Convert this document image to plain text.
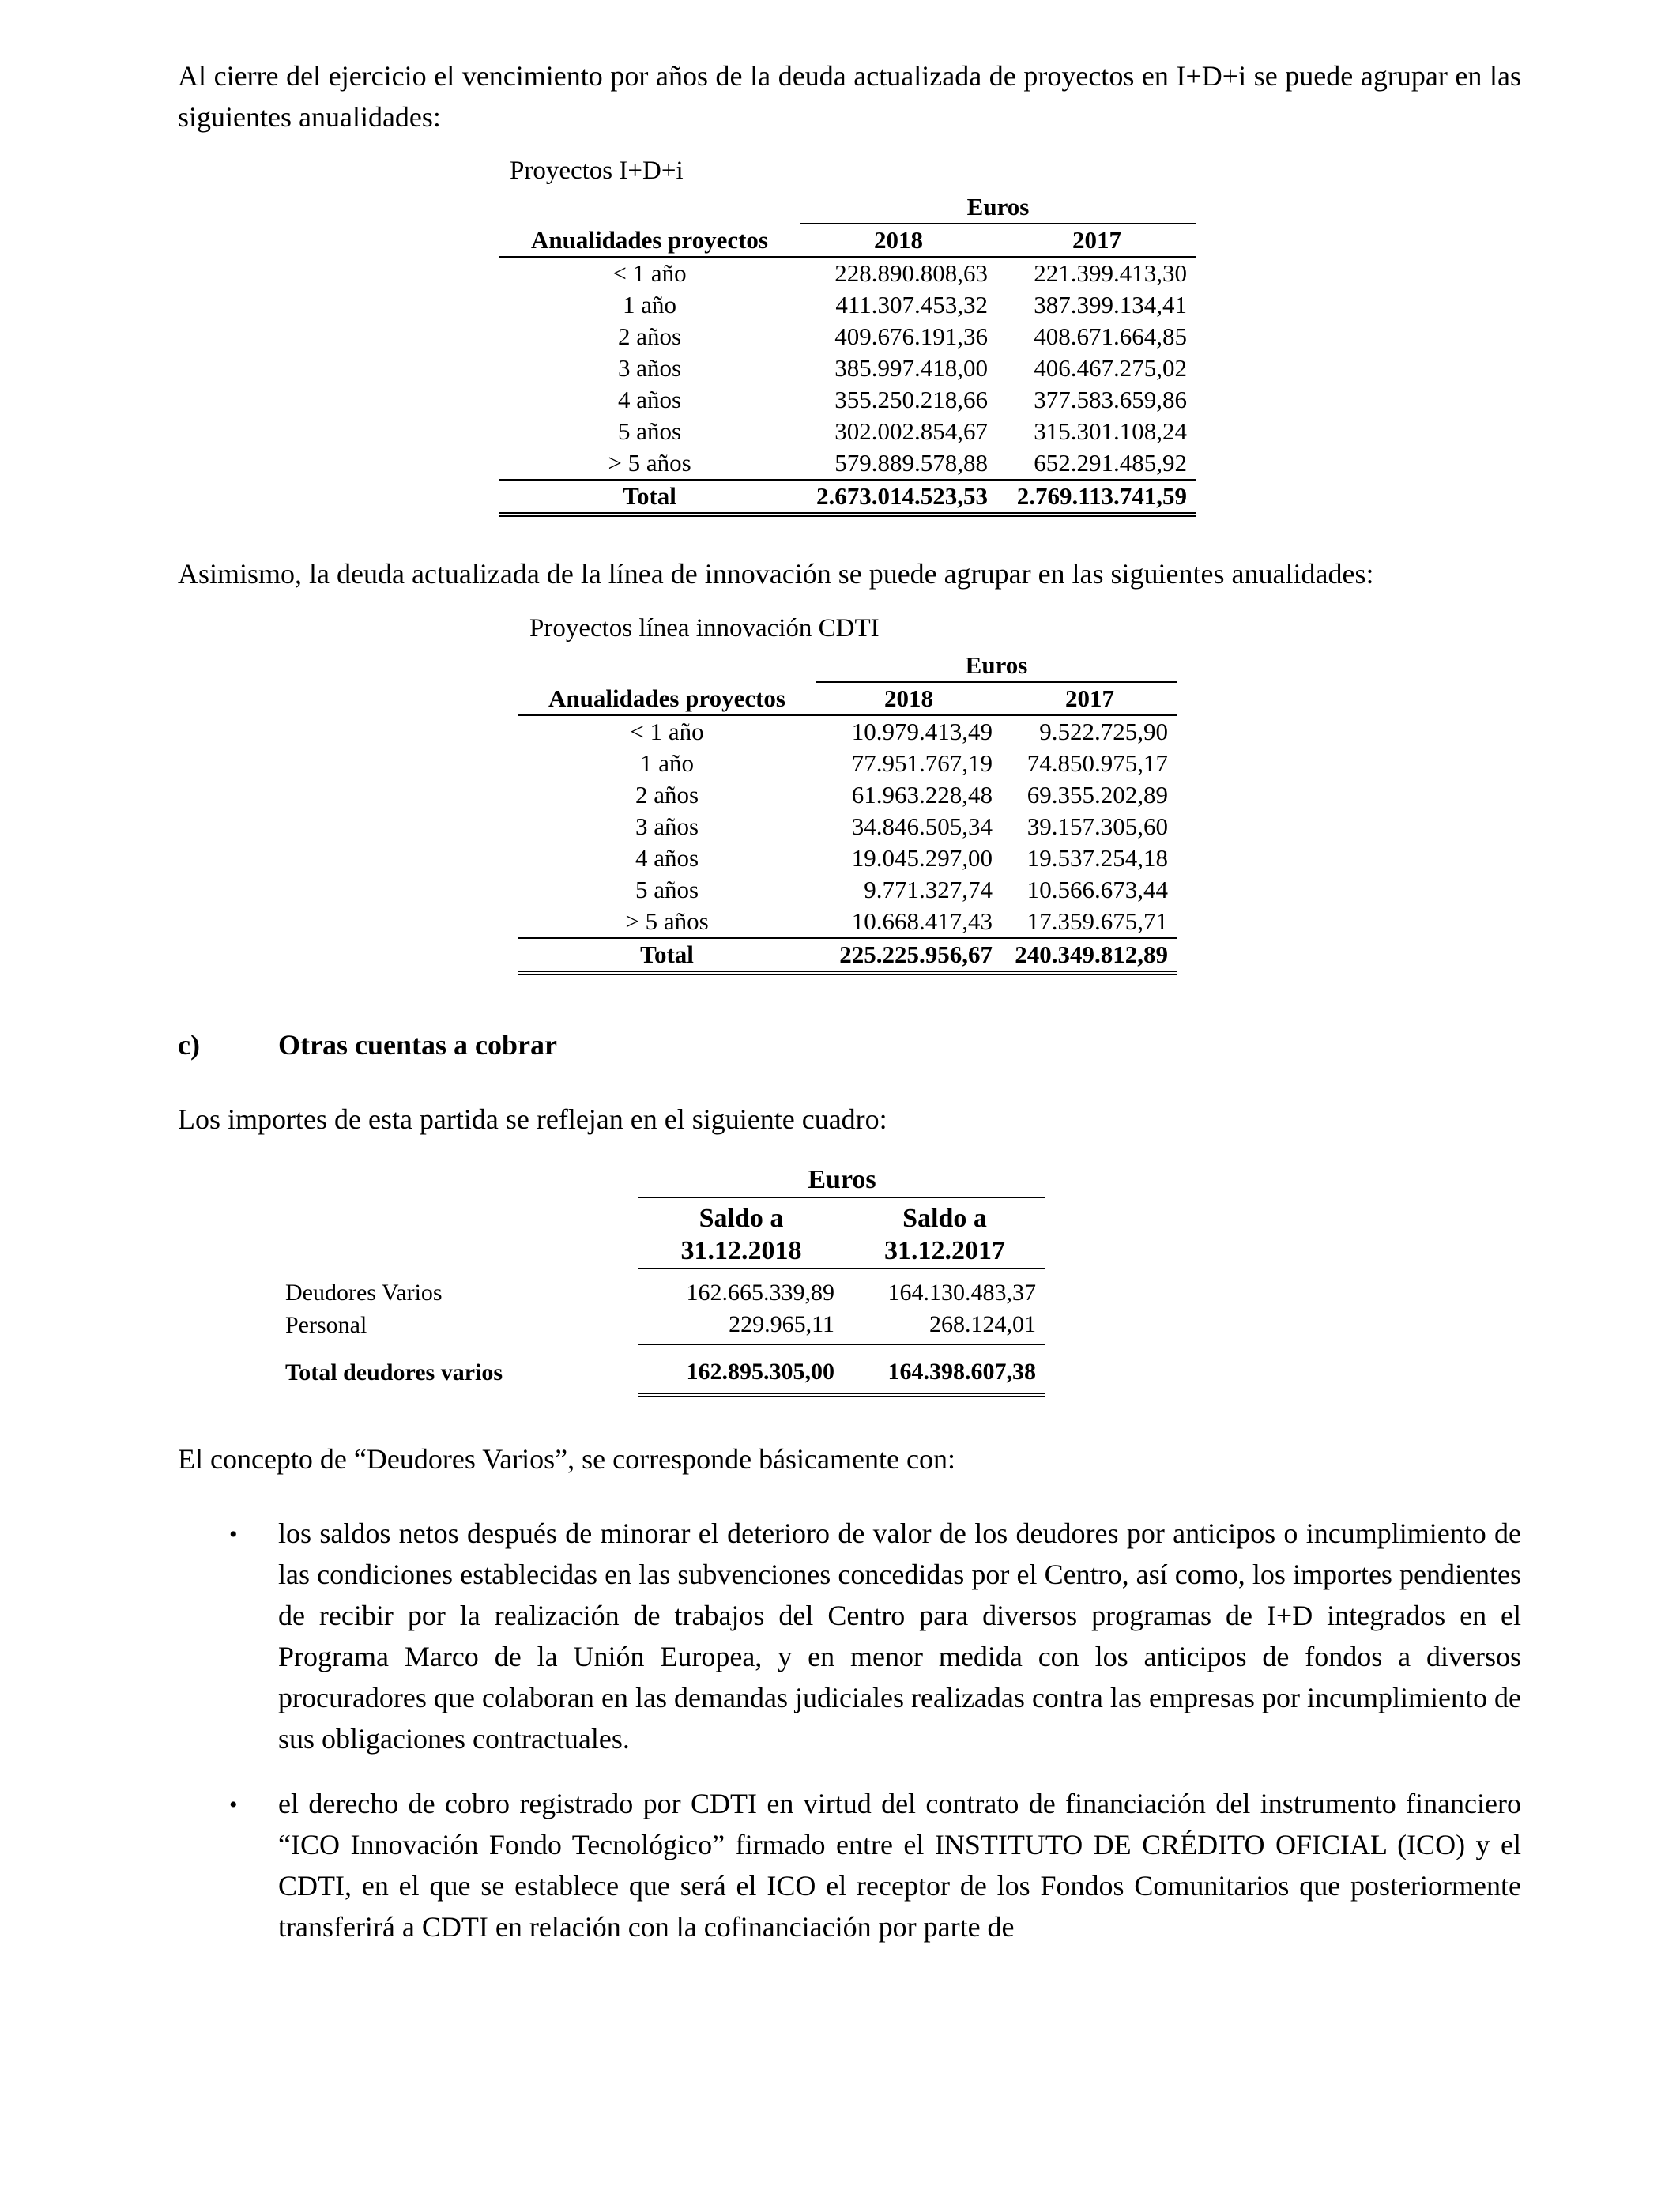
Al cierre del ejercicio el vencimiento por años de la deuda actualizada de proyectos en I+D+i se puede agrupar en las siguientes anualidades:

Proyectos I+D+i
	Euros	
Anualidades proyectos	2018	2017
< 1 año	228.890.808,63	221.399.413,30
1 año	411.307.453,32	387.399.134,41
2 años	409.676.191,36	408.671.664,85
3 años	385.997.418,00	406.467.275,02
4 años	355.250.218,66	377.583.659,86
5 años	302.002.854,67	315.301.108,24
> 5 años	579.889.578,88	652.291.485,92
Total	2.673.014.523,53	2.769.113.741,59

Asimismo, la deuda actualizada de la línea de innovación se puede agrupar en las siguientes anualidades:

Proyectos línea innovación CDTI
	Euros	
Anualidades proyectos	2018	2017
< 1 año	10.979.413,49	9.522.725,90
1 año	77.951.767,19	74.850.975,17
2 años	61.963.228,48	69.355.202,89
3 años	34.846.505,34	39.157.305,60
4 años	19.045.297,00	19.537.254,18
5 años	9.771.327,74	10.566.673,44
> 5 años	10.668.417,43	17.359.675,71
Total	225.225.956,67	240.349.812,89
c)	Otras cuentas a cobrar

Los importes de esta partida se reflejan en el siguiente cuadro:

	Euros	
	Saldo a	Saldo a
	31.12.2018	31.12.2017

Deudores Varios	162.665.339,89	164.130.483,37
Personal	229.965,11	268.124,01
Total deudores varios	162.895.305,00	164.398.607,38

El concepto de “Deudores Varios”, se corresponde básicamente con:

• los saldos netos después de minorar el deterioro de valor de los deudores por anticipos o incumplimiento de las condiciones establecidas en las subvenciones concedidas por el Centro, así como, los importes pendientes de recibir por la realización de trabajos del Centro para diversos programas de I+D integrados en el Programa Marco de la Unión Europea, y en menor medida con los anticipos de fondos a diversos procuradores que colaboran en las demandas judiciales realizadas contra las empresas por incumplimiento de sus obligaciones contractuales.

• el derecho de cobro registrado por CDTI en virtud del contrato de financiación del instrumento financiero “ICO Innovación Fondo Tecnológico” firmado entre el INSTITUTO DE CRÉDITO OFICIAL (ICO) y el CDTI, en el que se establece que será el ICO el receptor de los Fondos Comunitarios que posteriormente transferirá a CDTI en relación con la cofinanciación por parte de
